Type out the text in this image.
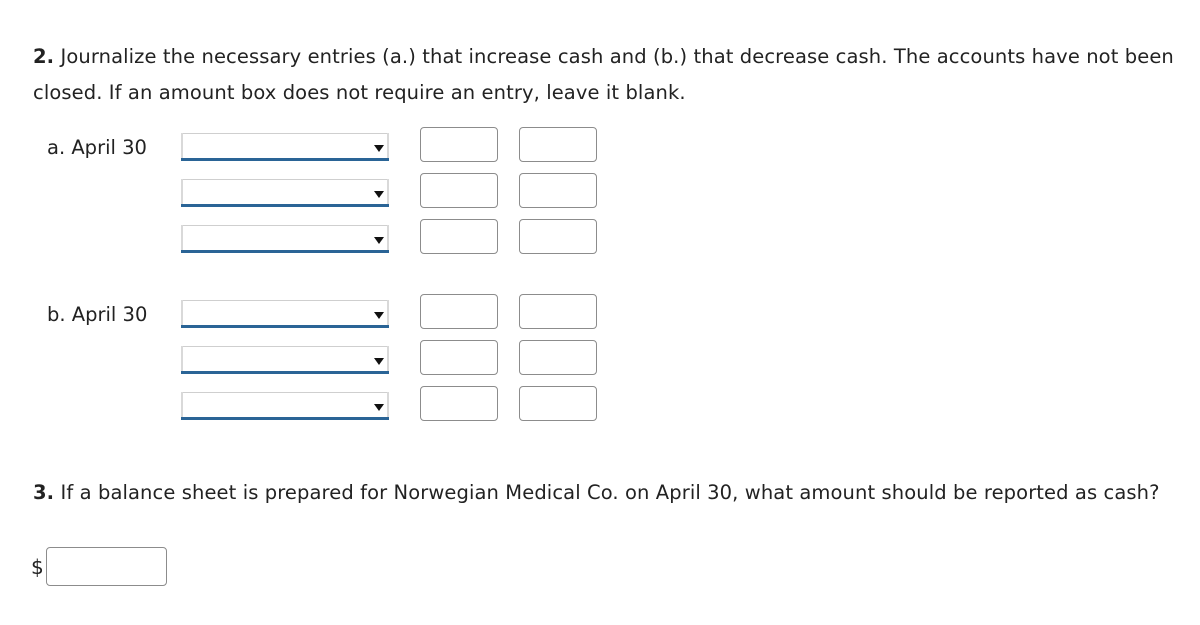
2. Journalize the necessary entries (a.) that increase cash and (b.) that decrease cash. The accounts have not been closed. If an amount box does not require an entry, leave it blank.
a. April 30
b. April 30
3. If a balance sheet is prepared for Norwegian Medical Co. on April 30, what amount should be reported as cash?
$
